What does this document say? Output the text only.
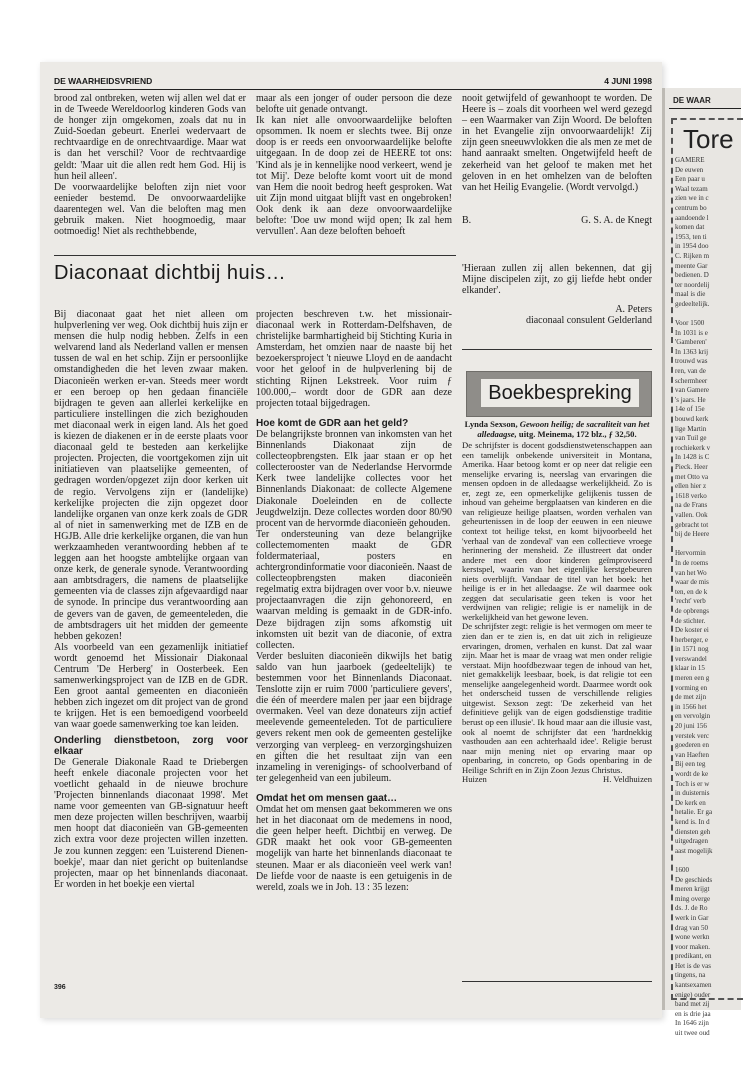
DE WAARHEIDSVRIEND	4 JUNI 1998

brood zal ontbreken, weten wij allen wel dat er in de Tweede Wereldoorlog kinderen Gods van de honger zijn omgekomen, zoals dat nu in Zuid-Soedan gebeurt. Enerlei wedervaart de rechtvaardige en de onrechtvaardige. Maar wat is dan het verschil? Voor de rechtvaardige geldt: 'Maar uit die allen redt hem God. Hij is hun heil alleen'.
De voorwaardelijke beloften zijn niet voor eenieder bestemd. De onvoorwaardelijke daarentegen wel. Van die beloften mag men gebruik maken. Niet hoogmoedig, maar ootmoedig! Niet als rechthebbende,

maar als een jonger of ouder persoon die deze belofte uit genade ontvangt.
Ik kan niet alle onvoorwaardelijke beloften opsommen. Ik noem er slechts twee. Bij onze doop is er reeds een onvoorwaardelijke belofte uitgegaan. In de doop zei de HEERE tot ons: 'Kind als je in kennelijke nood verkeert, wend je tot Mij'. Deze belofte komt voort uit de mond van Hem die nooit bedrog heeft gesproken. Wat uit Zijn mond uitgaat blijft vast en ongebroken! Ook denk ik aan deze onvoorwaardelijke belofte: 'Doe uw mond wijd open; Ik zal hem vervullen'. Aan deze beloften behoeft

nooit getwijfeld of gewanhoopt te worden. De Heere is – zoals dit voorheen wel werd gezegd – een Waarmaker van Zijn Woord. De beloften in het Evangelie zijn onvoorwaardelijk! Zij zijn geen sneeuwvlokken die als men ze met de hand aanraakt smelten. Ongetwijfeld heeft de zekerheid van het geloof te maken met het geloven in en het omhelzen van de beloften van het Heilig Evangelie. (Wordt vervolgd.)

B.	G. S. A. de Knegt
Diaconaat dichtbij huis…

Bij diaconaat gaat het niet alleen om hulpverlening ver weg. Ook dichtbij huis zijn er mensen die hulp nodig hebben. Zelfs in een welvarend land als Nederland vallen er mensen tussen de wal en het schip. Zijn er persoonlijke omstandigheden die het leven zwaar maken. Diaconieën werken er-van. Steeds meer wordt er een beroep op hen gedaan financiële bijdragen te geven aan allerlei kerkelijke en particuliere instellingen die zich bezighouden met diaconaal werk in eigen land. Als het goed is kiezen de diakenen er in de eerste plaats voor diaconaal geld te besteden aan kerkelijke projecten. Projecten, die voortgekomen zijn uit initiatieven van plaatselijke gemeenten, of gedragen worden/opgezet zijn door kerken uit de regio. Vervolgens zijn er (landelijke) kerkelijke projecten die zijn opgezet door landelijke organen van onze kerk zoals de GDR al of niet in samenwerking met de IZB en de HGJB. Alle drie kerkelijke organen, die van hun werkzaamheden verantwoording hebben af te leggen aan het hoogste ambtelijke orgaan van onze kerk, de generale synode. Verantwoording aan ambtsdragers, die namens de plaatselijke gemeenten via de classes zijn afgevaardigd naar de synode. In principe dus verantwoording aan de gevers van de gaven, de gemeenteleden, die de ambtsdragers uit het midden der gemeente hebben gekozen!

Als voorbeeld van een gezamenlijk initiatief wordt genoemd het Missionair Diakonaal Centrum 'De Herberg' in Oosterbeek. Een samenwerkingsproject van de IZB en de GDR. Een groot aantal gemeenten en diaconieën hebben zich ingezet om dit project van de grond te krijgen. Het is een bemoedigend voorbeeld van waar goede samenwerking toe kan leiden.

Onderling dienstbetoon, zorg voor elkaar

De Generale Diakonale Raad te Driebergen heeft enkele diaconale projecten voor het voetlicht gehaald in de nieuwe brochure 'Projecten binnenlands diaconaat 1998'. Met name voor gemeenten van GB-signatuur heeft men deze projecten willen beschrijven, waarbij men hoopt dat diaconieën van GB-gemeenten zich extra voor deze projecten willen inzetten. Je zou kunnen zeggen: een 'Luisterend Dienen-boekje', maar dan niet gericht op buitenlandse projecten, maar op het binnenlands diaconaat. Er worden in het boekje een viertal

projecten beschreven t.w. het missionair-diaconaal werk in Rotterdam-Delfshaven, de christelijke barmhartigheid bij Stichting Kuria in Amsterdam, het omzien naar de naaste bij het bezoekersproject 't nieuwe Lloyd en de aandacht voor het geloof in de hulpverlening bij de stichting Rijnen Lekstreek. Voor ruim ƒ 100.000,– wordt door de GDR aan deze projecten totaal bijgedragen.

Hoe komt de GDR aan het geld?

De belangrijkste bronnen van inkomsten van het Binnenlands Diakonaat zijn de collecteopbrengsten. Elk jaar staan er op het collecterooster van de Nederlandse Hervormde Kerk twee landelijke collectes voor het Binnenlands Diakonaat: de collecte Algemene Diakonale Doeleinden en de collecte Jeugdwelzijn. Deze collectes worden door 80/90 procent van de hervormde diaconieën gehouden.

Ter ondersteuning van deze belangrijke collectemomenten maakt de GDR foldermateriaal, posters en achtergrondinformatie voor diaconieën. Naast de collecteopbrengsten maken diaconieën regelmatig extra bijdragen over voor b.v. nieuwe projectaanvragen die zijn gehonoreerd, en waarvan melding is gemaakt in de GDR-info. Deze bijdragen zijn soms afkomstig uit inkomsten uit bezit van de diaconie, of extra collecten.

Verder besluiten diaconieën dikwijls het batig saldo van hun jaarboek (gedeeltelijk) te bestemmen voor het Binnenlands Diaconaat. Tenslotte zijn er ruim 7000 'particuliere gevers', die één of meerdere malen per jaar een bijdrage overmaken. Veel van deze donateurs zijn actief meelevende gemeenteleden. Tot de particuliere gevers rekent men ook de gemeenten gestelijke verzorging van verpleeg- en verzorgingshuizen en giften die het resultaat zijn van een inzameling in verenigings- of schoolverband of ter gelegenheid van een jubileum.

Omdat het om mensen gaat…

Omdat het om mensen gaat bekommeren we ons het in het diaconaat om de medemens in nood, die geen helper heeft. Dichtbij en verweg. De GDR maakt het ook voor GB-gemeenten mogelijk van harte het binnenlands diaconaat te steunen. Maar er als diaconieën veel werk van! De liefde voor de naaste is een getuigenis in de wereld, zoals we in Joh. 13 : 35 lezen:

'Hieraan zullen zij allen bekennen, dat gij Mijne discipelen zijt, zo gij liefde hebt onder elkander'.

A. Peters

diaconaal consulent Gelderland

Boekbespreking
Lynda Sexson, Gewoon heilig; de sacraliteit van het alledaagse, uitg. Meinema, 172 blz., ƒ 32,50.

De schrijfster is docent godsdienstwetenschappen aan een tamelijk onbekende universiteit in Montana, Amerika. Haar betoog komt er op neer dat religie een menselijke ervaring is, neerslag van ervaringen die mensen opdoen in de alledaagse werkelijkheid. Zo is er, zegt ze, een opmerkelijke gelijkenis tussen de inhoud van geheime bergplaatsen van kinderen en die van religieuze heilige plaatsen, worden verhalen van geheurtenissen in de loop der eeuwen in een nieuwe context tot heilige tekst, en komt bijvoorbeeld het 'verhaal van de zondeval' van een collectieve vroege herinnering der mensheid. Ze illustreert dat onder andere met een door kinderen geïmproviseerd kerstspel, waarin van het eigenlijke kerstgebeuren niets overblijft. Vandaar de titel van het boek: het heilige is er in het alledaagse. Ze wil daarmee ook zeggen dat secularisatie geen teken is voor het verdwijnen van religie; religie is er namelijk in de werkelijkheid van het gewone leven.

De schrijfster zegt: religie is het vermogen om meer te zien dan er te zien is, en dat uit zich in religieuze ervaringen, dromen, verhalen en kunst. Dat zal waar zijn. Maar het is maar de vraag wat men onder religie verstaat. Mijn hoofdbezwaar tegen de inhoud van het, niet gemakkelijk leesbaar, boek, is dat religie tot een menselijke aangelegenheid wordt. Daarmee wordt ook het onderscheid tussen de verschillende religies uitgewist. Sexson zegt: 'De zekerheid van het definitieve gelijk van de eigen godsdienstige traditie berust op een illusie'. Ik houd maar aan die illusie vast, ook al noemt de schrijfster dat een 'hardnekkig vasthouden aan een achterhaald idee'. Religie berust naar mijn mening niet op ervaring maar op openbaring, in concreto, op Gods openbaring in de Heilige Schrift en in Zijn Zoon Jezus Christus.

Huizen	H. Veldhuizen
396
DE WAAR
Tore
GAMERE
De euwen
Een paar u
Waal tezam
zien we in c
centrum bo
aandoende l
komen dat
1953, ten ti
in 1954 doo
C. Rijken m
meente Gar
bedienen. D
ter noordelij
maal is die
gedeeltelijk.

Voor 1500
In 1031 is e
'Gamberen'
In 1363 krij
trouwd was
ren, van de
schermheer
van Gamere
's jaars. He
14e of 15e
bouwd kerk
lige Martin
van Tuil ge
rochiekerk v
In 1428 is C
Pieck. Heer
met Otto va
ellen hier z
1618 verko
na de Frans
vallen. Ook
gebracht tot
bij de Heere

Hervormin
In de roems
van het Wo
waar de mis
ten, en de k
'recht' verb
de opbrengs
de stichter.
De koster ei
herberger, e
in 1571 nog
verswandel
klaar in 15
meren een g
vorming en
de met zijn
in 1566 het
en vervolgin
20 juni 156
verstek verc
goederen en
van Haeften
Bij een teg
wordt de ke
Toch is er w
in duisternis
De kerk en
hetalie. Er ga
kend is. In d
diensten geh
uitgedragen
aast mogelijk

1600
De geschieds
meren krijgt
ming overge
ds. J. de Ro
werk in Gar
drag van 50
wone werkn
voor maken.
predikant, en
Het is de vas
tingens, na
kantsexamen
enige) ouder
band met zij
en is drie jaa
In 1646 zijn
uit twee oud
